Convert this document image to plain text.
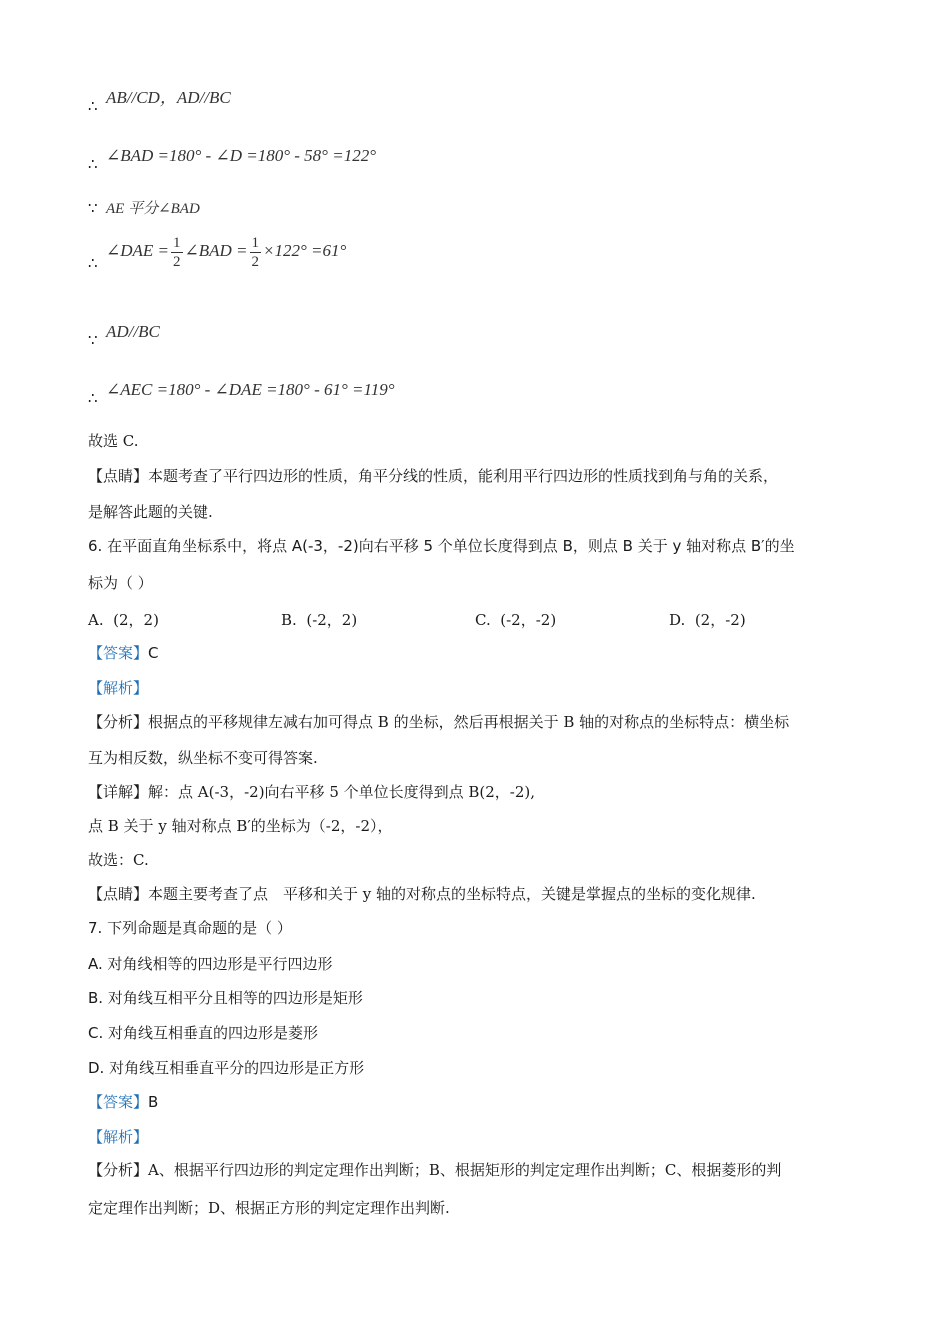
∴ AB//CD，AD//BC
∴ ∠BAD =180° - ∠D =180° - 58° =122°
∵ AE 平分∠BAD
∴∠DAE = $\frac{1}{2}$ ∠BAD = $\frac{1}{2} \times 122^\circ =61^\circ$
∵ AD//BC
∴ ∠AEC =180° - ∠DAE =180° - 61° =119°
故选 C.
【点睛】本题考查了平行四边形的性质，角平分线的性质，能利用平行四边形的性质找到角与角的关系，
是解答此题的关键.
6. 在平面直角坐标系中，将点 A(-3，-2)向右平移 5 个单位长度得到点 B，则点 B 关于 y 轴对称点 B′的坐
标为（ ）
A. (2，2)	B. (-2，2)	C. (-2，-2)	D. (2，-2)
【答案】C
【解析】
【分析】根据点的平移规律左减右加可得点 B 的坐标，然后再根据关于 B 轴的对称点的坐标特点：横坐标
互为相反数，纵坐标不变可得答案.
【详解】解：点 A(-3，-2)向右平移 5 个单位长度得到点 B(2，-2),
点 B 关于 y 轴对称点 B′的坐标为（-2，-2），
故选：C.
【点睛】本题主要考查了点　平移和关于 y 轴的对称点的坐标特点，关键是掌握点的坐标的变化规律.
7. 下列命题是真命题的是（ ）
A. 对角线相等的四边形是平行四边形
B. 对角线互相平分且相等的四边形是矩形
C. 对角线互相垂直的四边形是菱形
D. 对角线互相垂直平分的四边形是正方形
【答案】B
【解析】
【分析】A、根据平行四边形的判定定理作出判断；B、根据矩形的判定定理作出判断；C、根据菱形的判
定定理作出判断；D、根据正方形的判定定理作出判断.
